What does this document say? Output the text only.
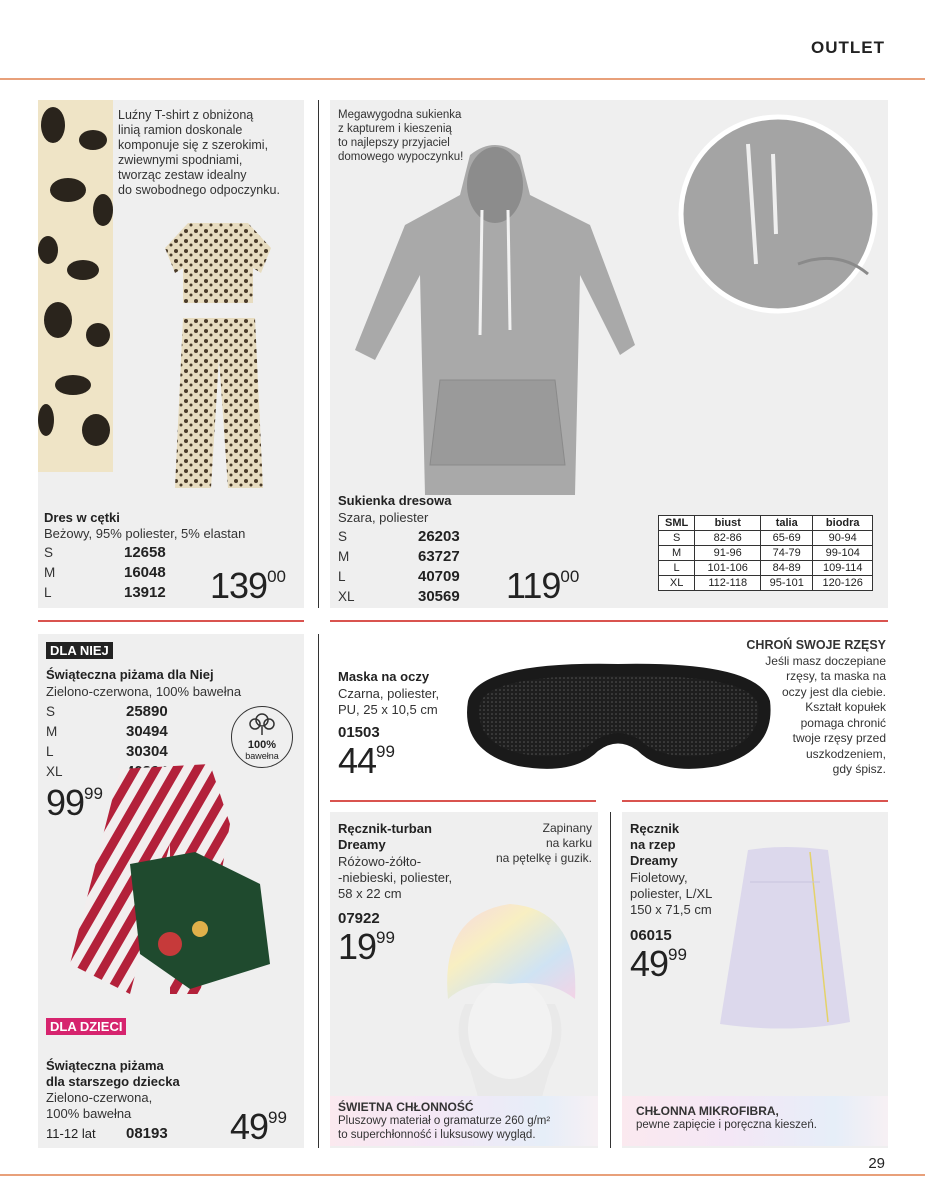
OUTLET
Luźny T-shirt z obniżoną
linią ramion doskonale
komponuje się z szerokimi,
zwiewnymi spodniami,
tworząc zestaw idealny
do swobodnego odpoczynku.
Dres w cętki
Beżowy, 95% poliester, 5% elastan
S	12658
M	16048
L	13912 13900
Megawygodna sukienka
z kapturem i kieszenią
to najlepszy przyjaciel
domowego wypoczynku!
Sukienka dresowa
Szara, poliester
S	26203
M	63727
L	40709
XL	30569 11900
SML	biust	talia	biodra
S	82-86	65-69	90-94
M	91-96	74-79	99-104
L	101-106	84-89	109-114
XL	112-118	95-101	120-126
DLA NIEJ
Świąteczna piżama dla Niej
Zielono-czerwona, 100% bawełna
S	25890
M	30494
L	30304
XL
100%
bawełna
9999
DLA DZIECI
Świąteczna piżama
dla starszego dziecka
Zielono-czerwona,
100% bawełna
11-12 lat 08193 4999
Maska na oczy
Czarna, poliester,
PU, 25 x 10,5 cm
01503
4499
CHROŃ SWOJE RZĘSY
Jeśli masz doczepiane
rzęsy, ta maska na
oczy jest dla ciebie.
Kształt kopułek
pomaga chronić
twoje rzęsy przed
uszkodzeniem,
gdy śpisz.
Ręcznik-turban
Dreamy
Różowo-żółto-
-niebieski, poliester,
58 x 22 cm
Zapinany
na karku
na pętelkę i guzik.
07922
1999
ŚWIETNA CHŁONNOŚĆ
Pluszowy materiał o gramaturze 260 g/m²
to superchłonność i luksusowy wygląd.
Ręcznik
na rzep
Dreamy
Fioletowy,
poliester, L/XL
150 x 71,5 cm
06015
4999
CHŁONNA MIKROFIBRA,
pewne zapięcie i poręczna kieszeń.
29
